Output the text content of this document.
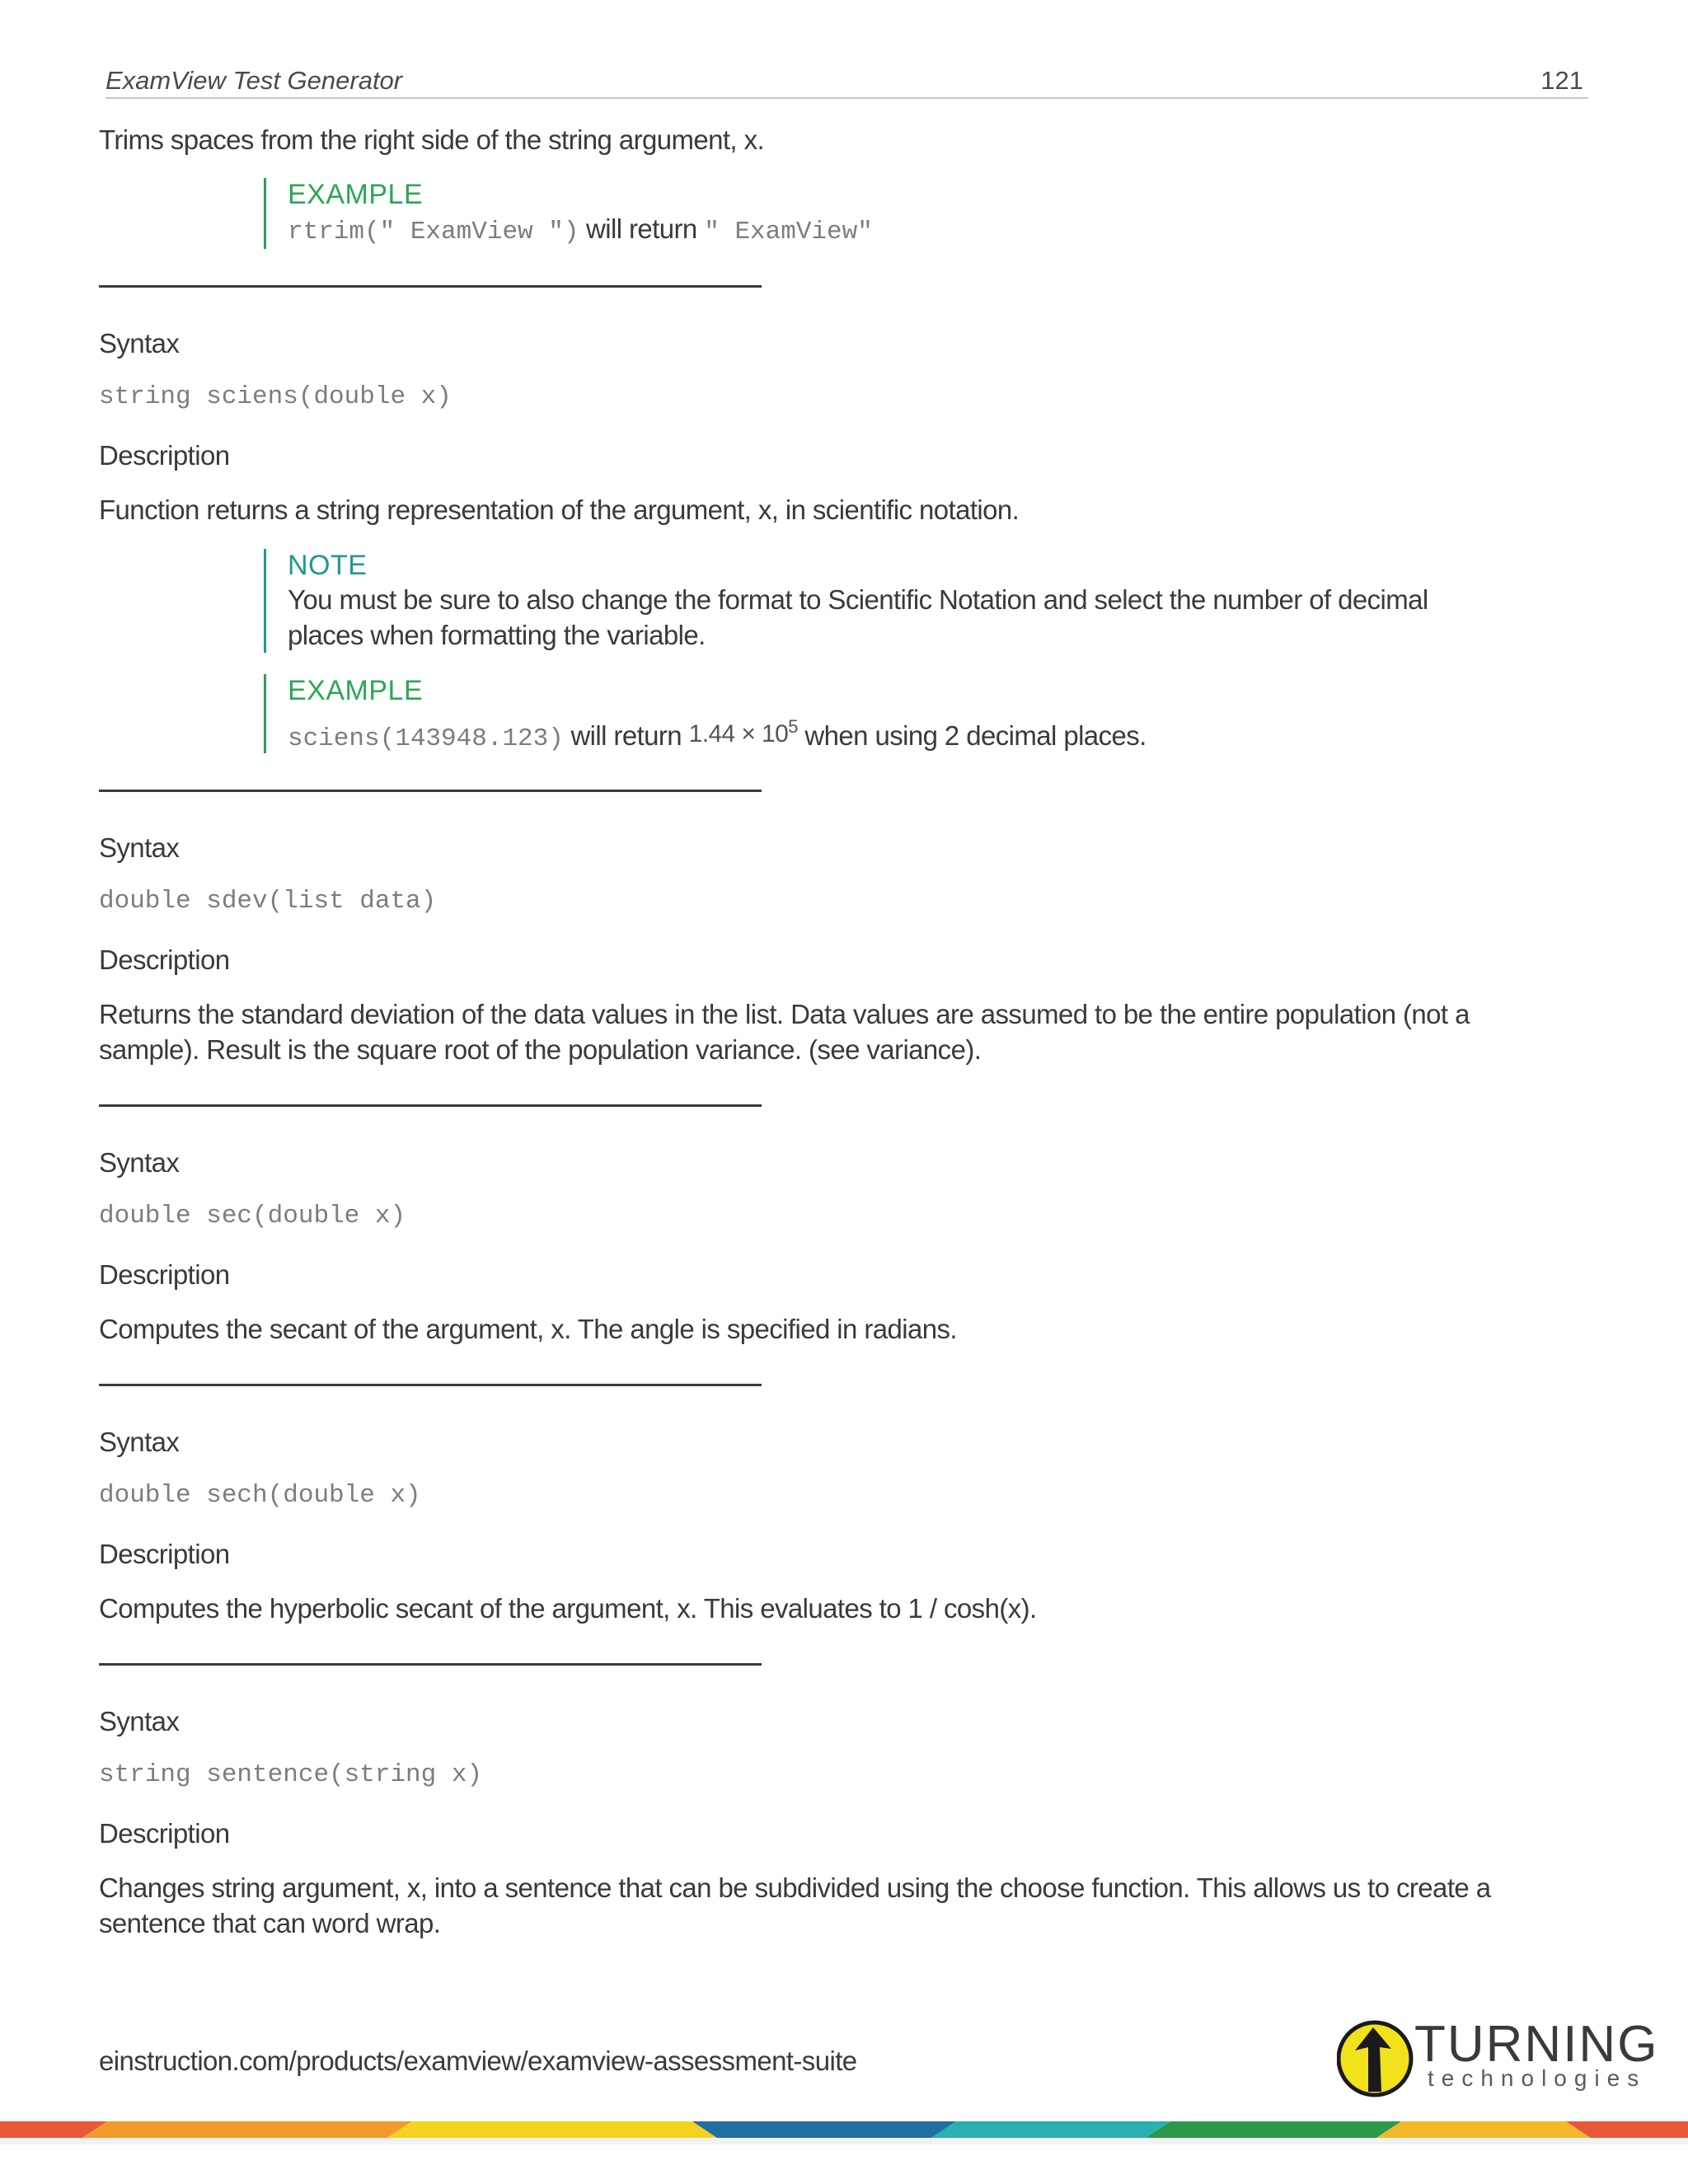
ExamView Test Generator	121

Trims spaces from the right side of the string argument, x.

EXAMPLE
rtrim(" ExamView ") will return " ExamView"

Syntax

string sciens(double x)

Description

Function returns a string representation of the argument, x, in scientific notation.

NOTE
You must be sure to also change the format to Scientific Notation and select the number of decimal places when formatting the variable.
EXAMPLE
sciens(143948.123) will return $1.44 \times 10^5$ when using 2 decimal places.

Syntax

double sdev(list data)

Description

Returns the standard deviation of the data values in the list. Data values are assumed to be the entire population (not a sample). Result is the square root of the population variance. (see variance).

Syntax

double sec(double x)

Description

Computes the secant of the argument, x. The angle is specified in radians.

Syntax

double sech(double x)

Description

Computes the hyperbolic secant of the argument, x. This evaluates to 1 / cosh(x).

Syntax

string sentence(string x)

Description

Changes string argument, x, into a sentence that can be subdivided using the choose function. This allows us to create a sentence that can word wrap.

einstruction.com/products/examview/examview-assessment-suite	TURNING
technologies
